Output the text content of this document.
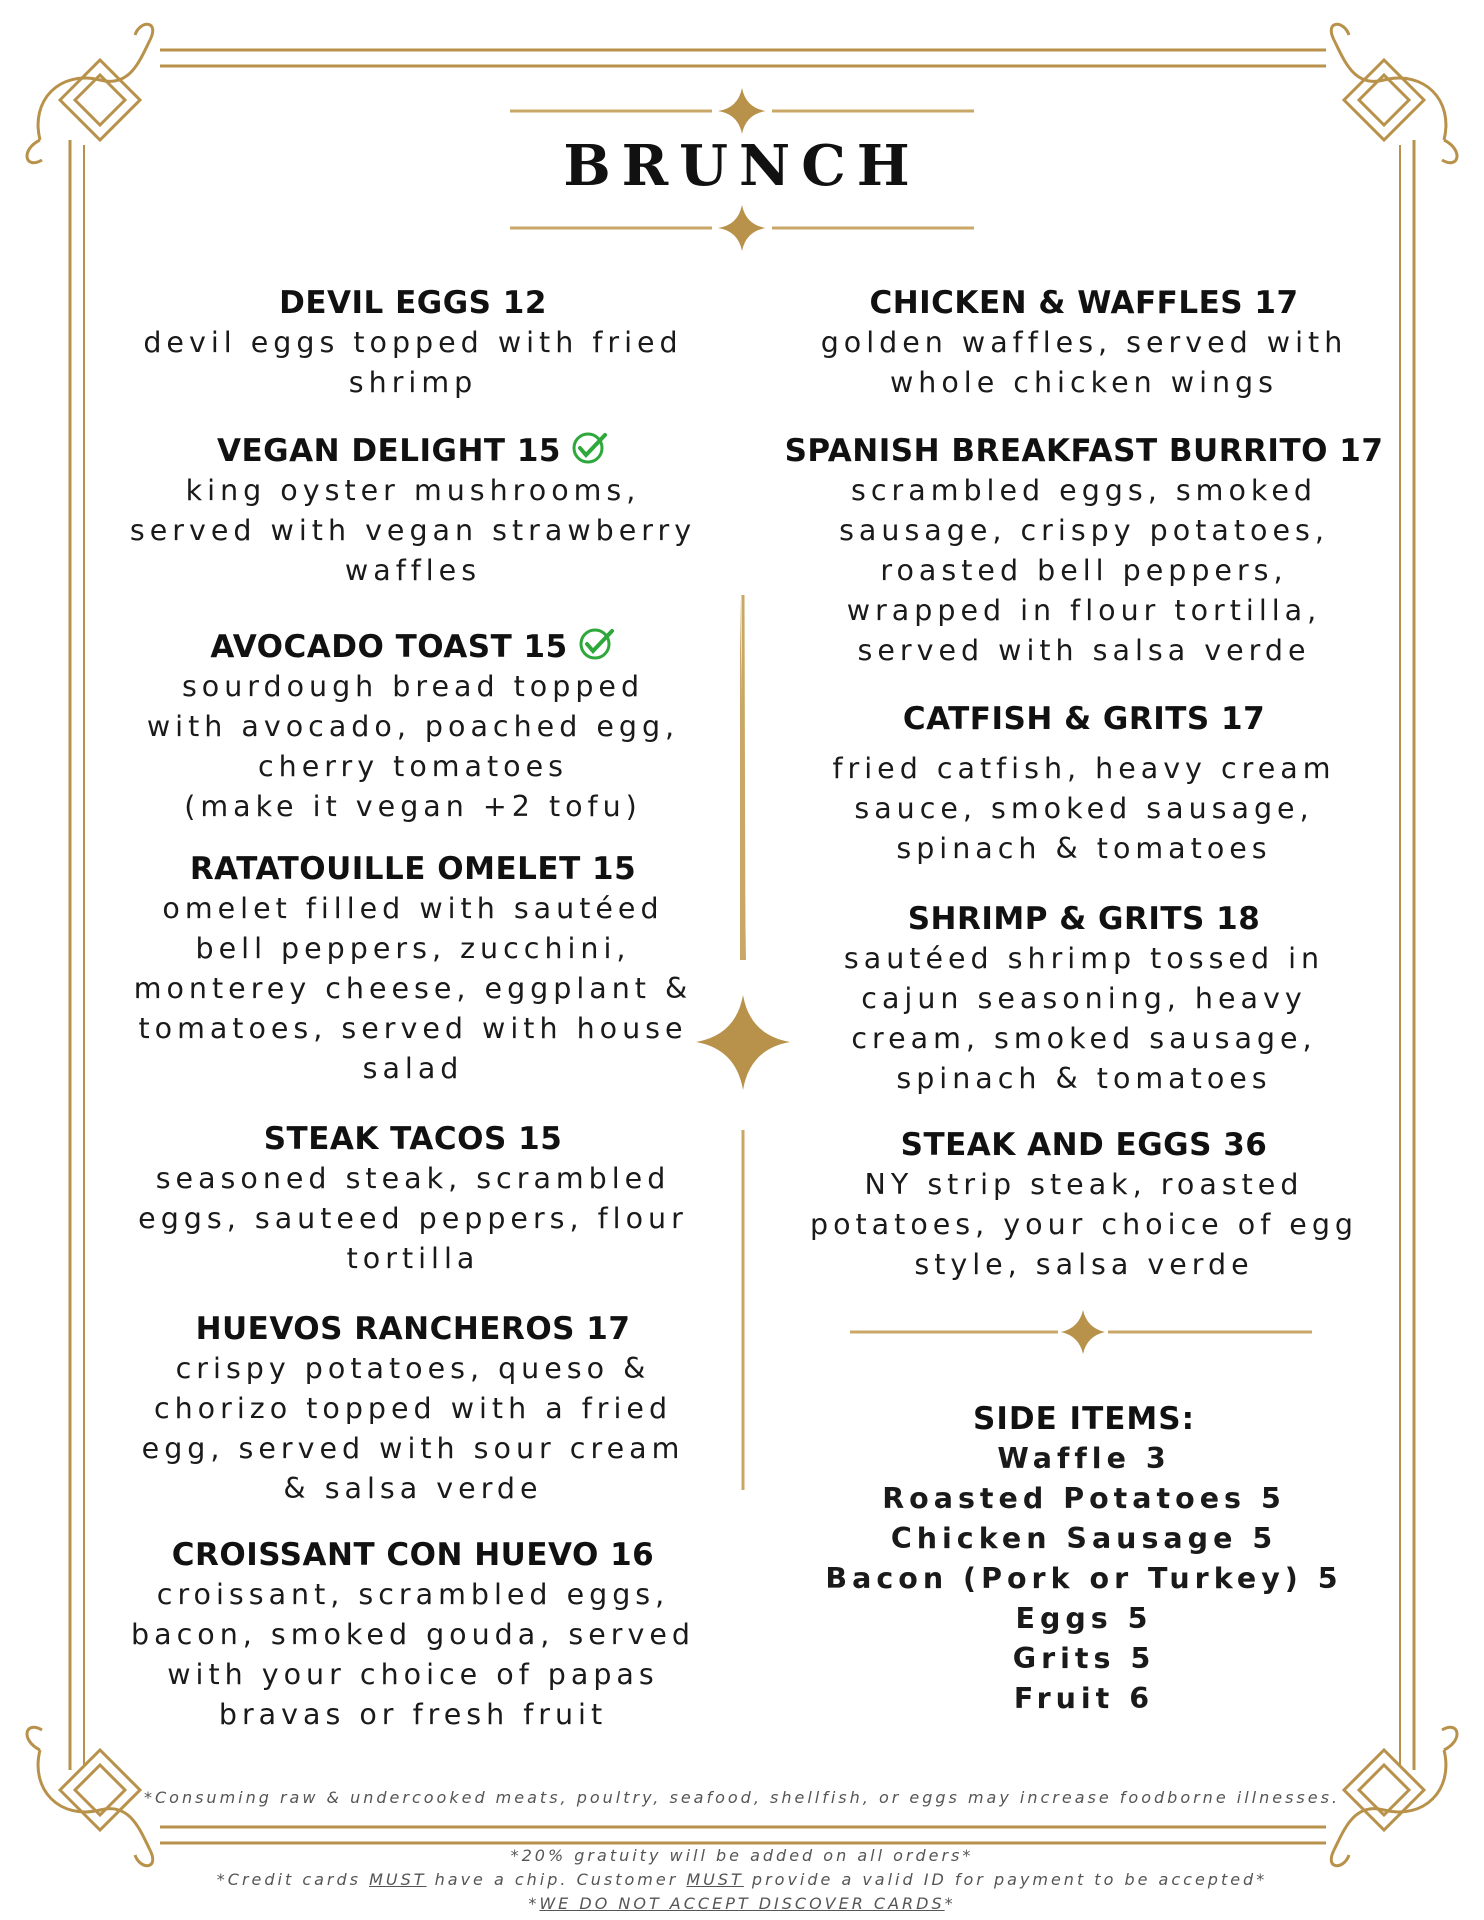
BRUNCH
DEVIL EGGS 12
devil eggs topped with fried
shrimp
VEGAN DELIGHT 15
king oyster mushrooms,
served with vegan strawberry
waffles
AVOCADO TOAST 15
sourdough bread topped
with avocado, poached egg,
cherry tomatoes
(make it vegan +2 tofu)
RATATOUILLE OMELET 15
omelet filled with sautéed
bell peppers, zucchini,
monterey cheese, eggplant &
tomatoes, served with house
salad
STEAK TACOS 15
seasoned steak, scrambled
eggs, sauteed peppers, flour
tortilla
HUEVOS RANCHEROS 17
crispy potatoes, queso &
chorizo topped with a fried
egg, served with sour cream
& salsa verde
CROISSANT CON HUEVO 16
croissant, scrambled eggs,
bacon, smoked gouda, served
with your choice of papas
bravas or fresh fruit
CHICKEN & WAFFLES 17
golden waffles, served with
whole chicken wings
SPANISH BREAKFAST BURRITO 17
scrambled eggs, smoked
sausage, crispy potatoes,
roasted bell peppers,
wrapped in flour tortilla,
served with salsa verde
CATFISH & GRITS 17
fried catfish, heavy cream
sauce, smoked sausage,
spinach & tomatoes
SHRIMP & GRITS 18
sautéed shrimp tossed in
cajun seasoning, heavy
cream, smoked sausage,
spinach & tomatoes
STEAK AND EGGS 36
NY strip steak, roasted
potatoes, your choice of egg
style, salsa verde
SIDE ITEMS:
Waffle 3
Roasted Potatoes 5
Chicken Sausage 5
Bacon (Pork or Turkey) 5
Eggs 5
Grits 5
Fruit 6
*Consuming raw & undercooked meats, poultry, seafood, shellfish, or eggs may increase foodborne illnesses.
*20% gratuity will be added on all orders*
*Credit cards MUST have a chip. Customer MUST provide a valid ID for payment to be accepted*
*WE DO NOT ACCEPT DISCOVER CARDS*
